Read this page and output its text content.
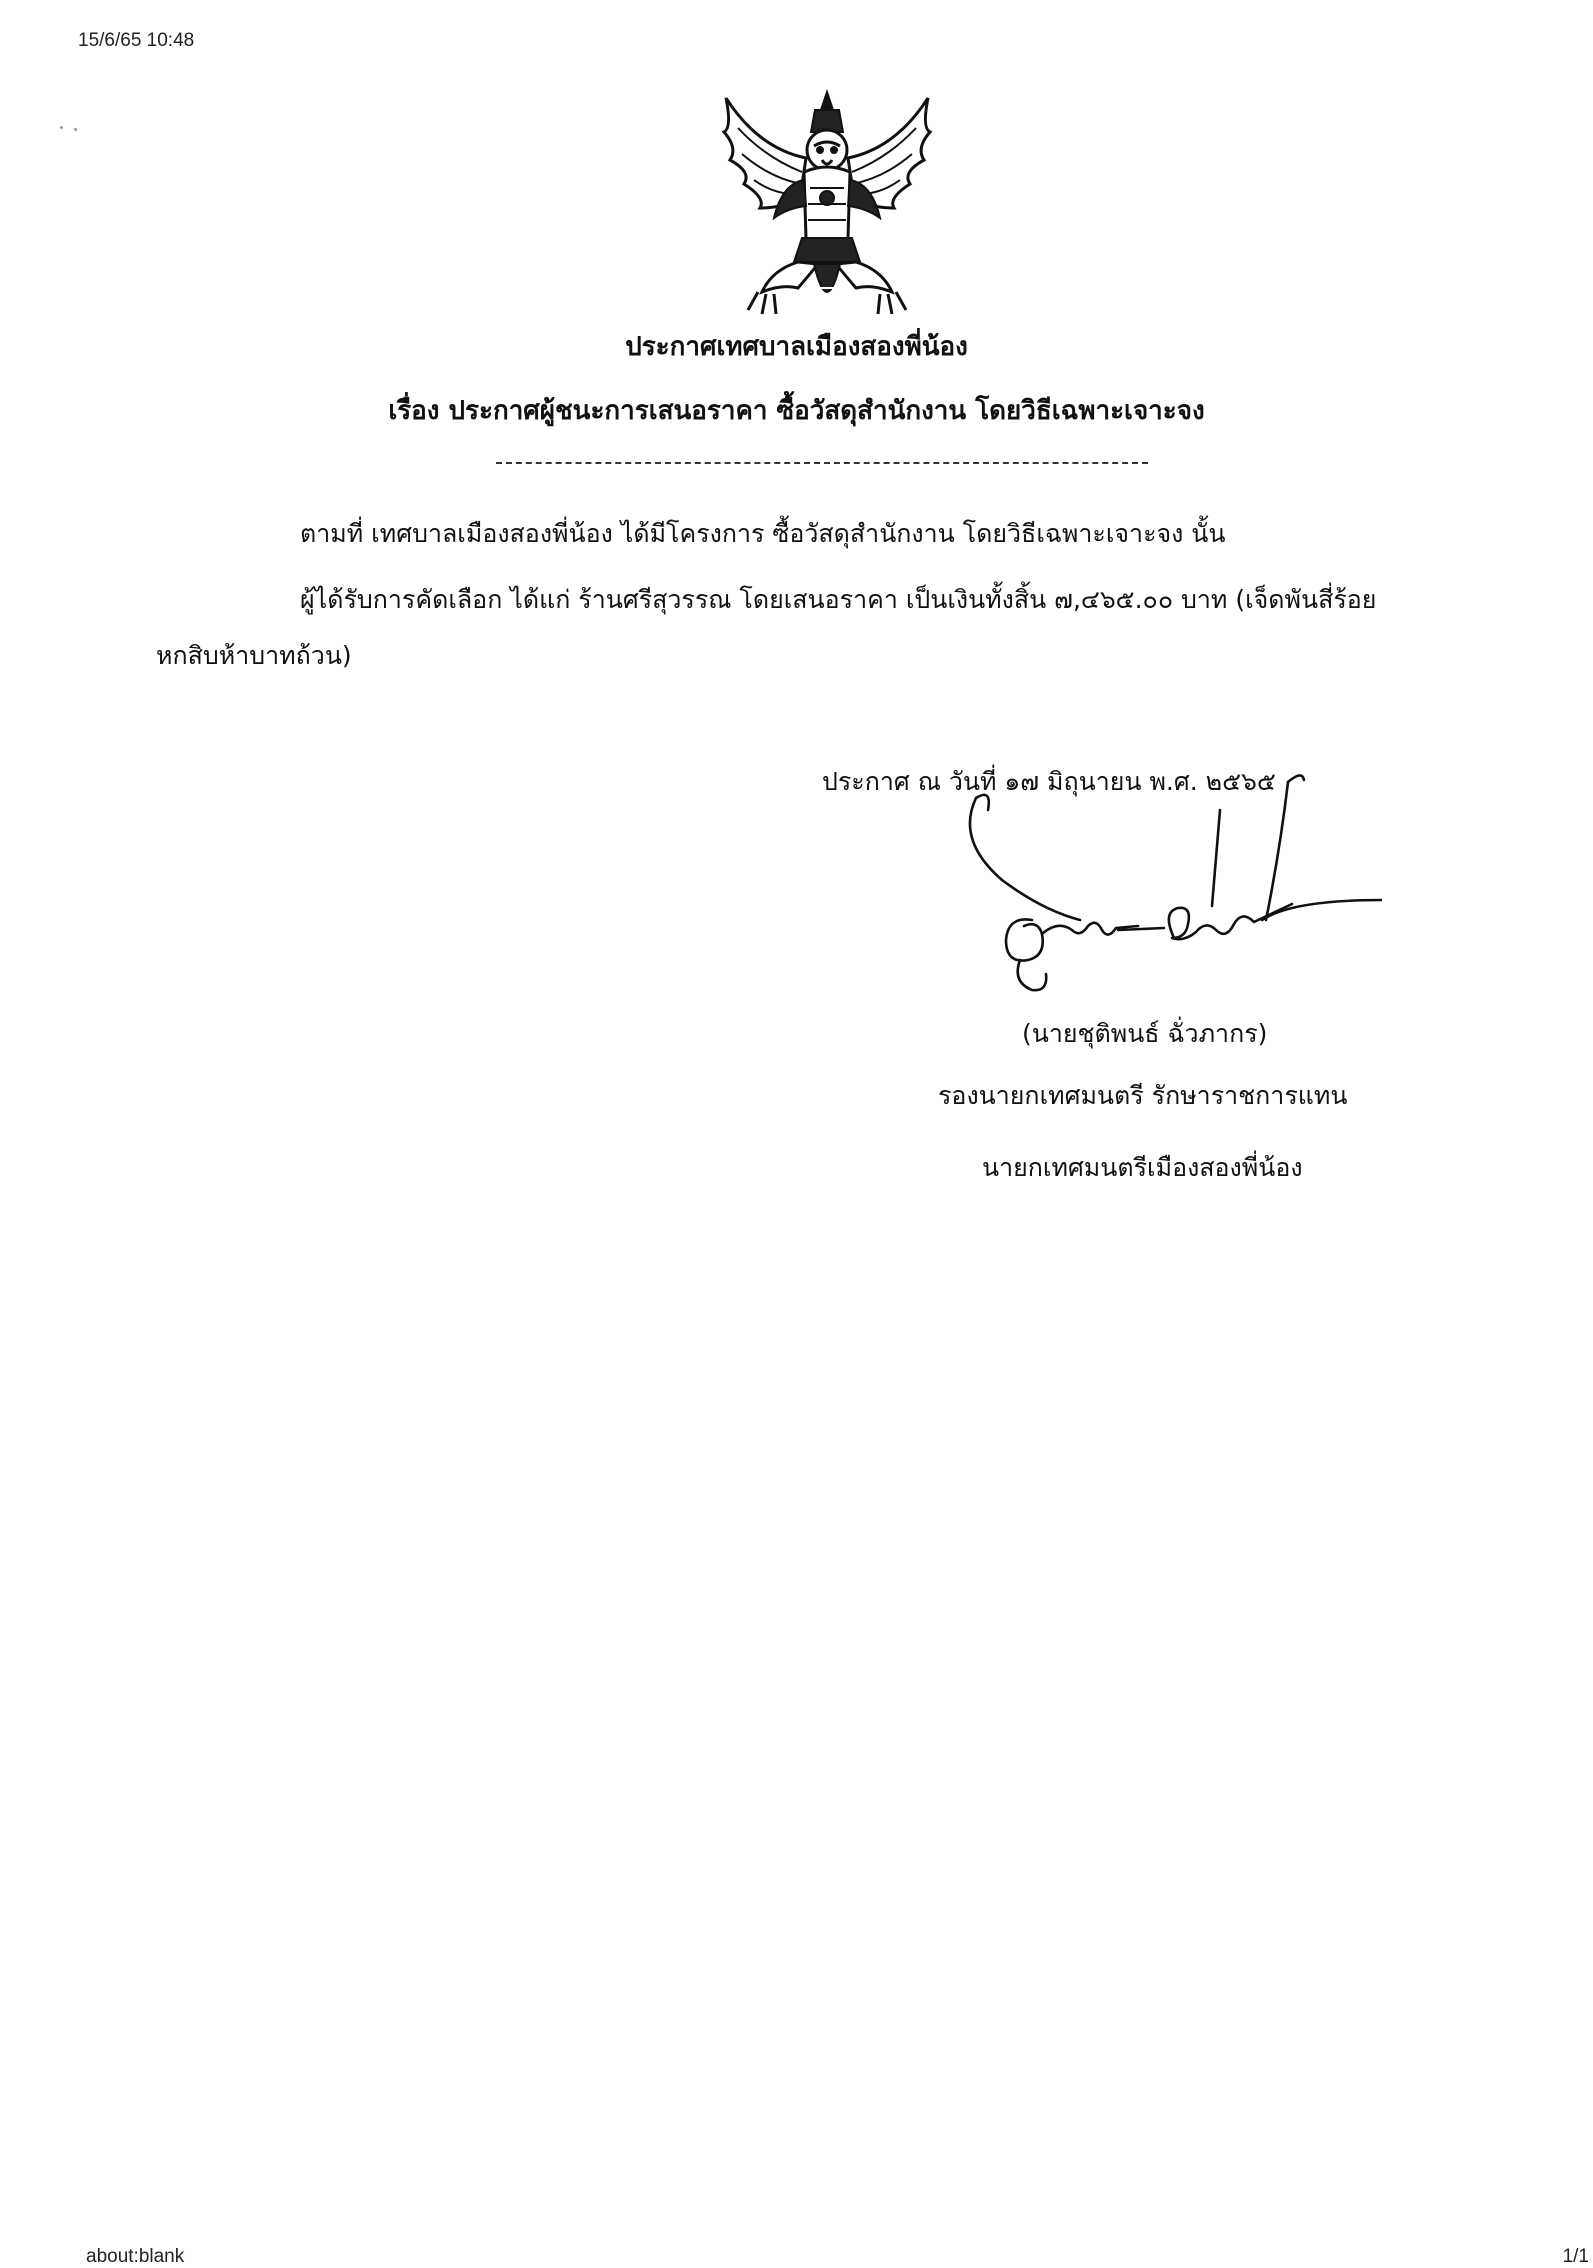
15/6/65 10:48
ประกาศเทศบาลเมืองสองพี่น้อง
เรื่อง ประกาศผู้ชนะการเสนอราคา ซื้อวัสดุสำนักงาน โดยวิธีเฉพาะเจาะจง
ตามที่ เทศบาลเมืองสองพี่น้อง ได้มีโครงการ ซื้อวัสดุสำนักงาน โดยวิธีเฉพาะเจาะจง นั้น
ผู้ได้รับการคัดเลือก ได้แก่ ร้านศรีสุวรรณ โดยเสนอราคา เป็นเงินทั้งสิ้น ๗,๔๖๕.๐๐ บาท (เจ็ดพันสี่ร้อย
หกสิบห้าบาทถ้วน)
ประกาศ ณ วันที่ ๑๗ มิถุนายน พ.ศ. ๒๕๖๕
(นายชุติพนธ์ ฉั่วภากร)
รองนายกเทศมนตรี รักษาราชการแทน
นายกเทศมนตรีเมืองสองพี่น้อง
about:blank	1/1
